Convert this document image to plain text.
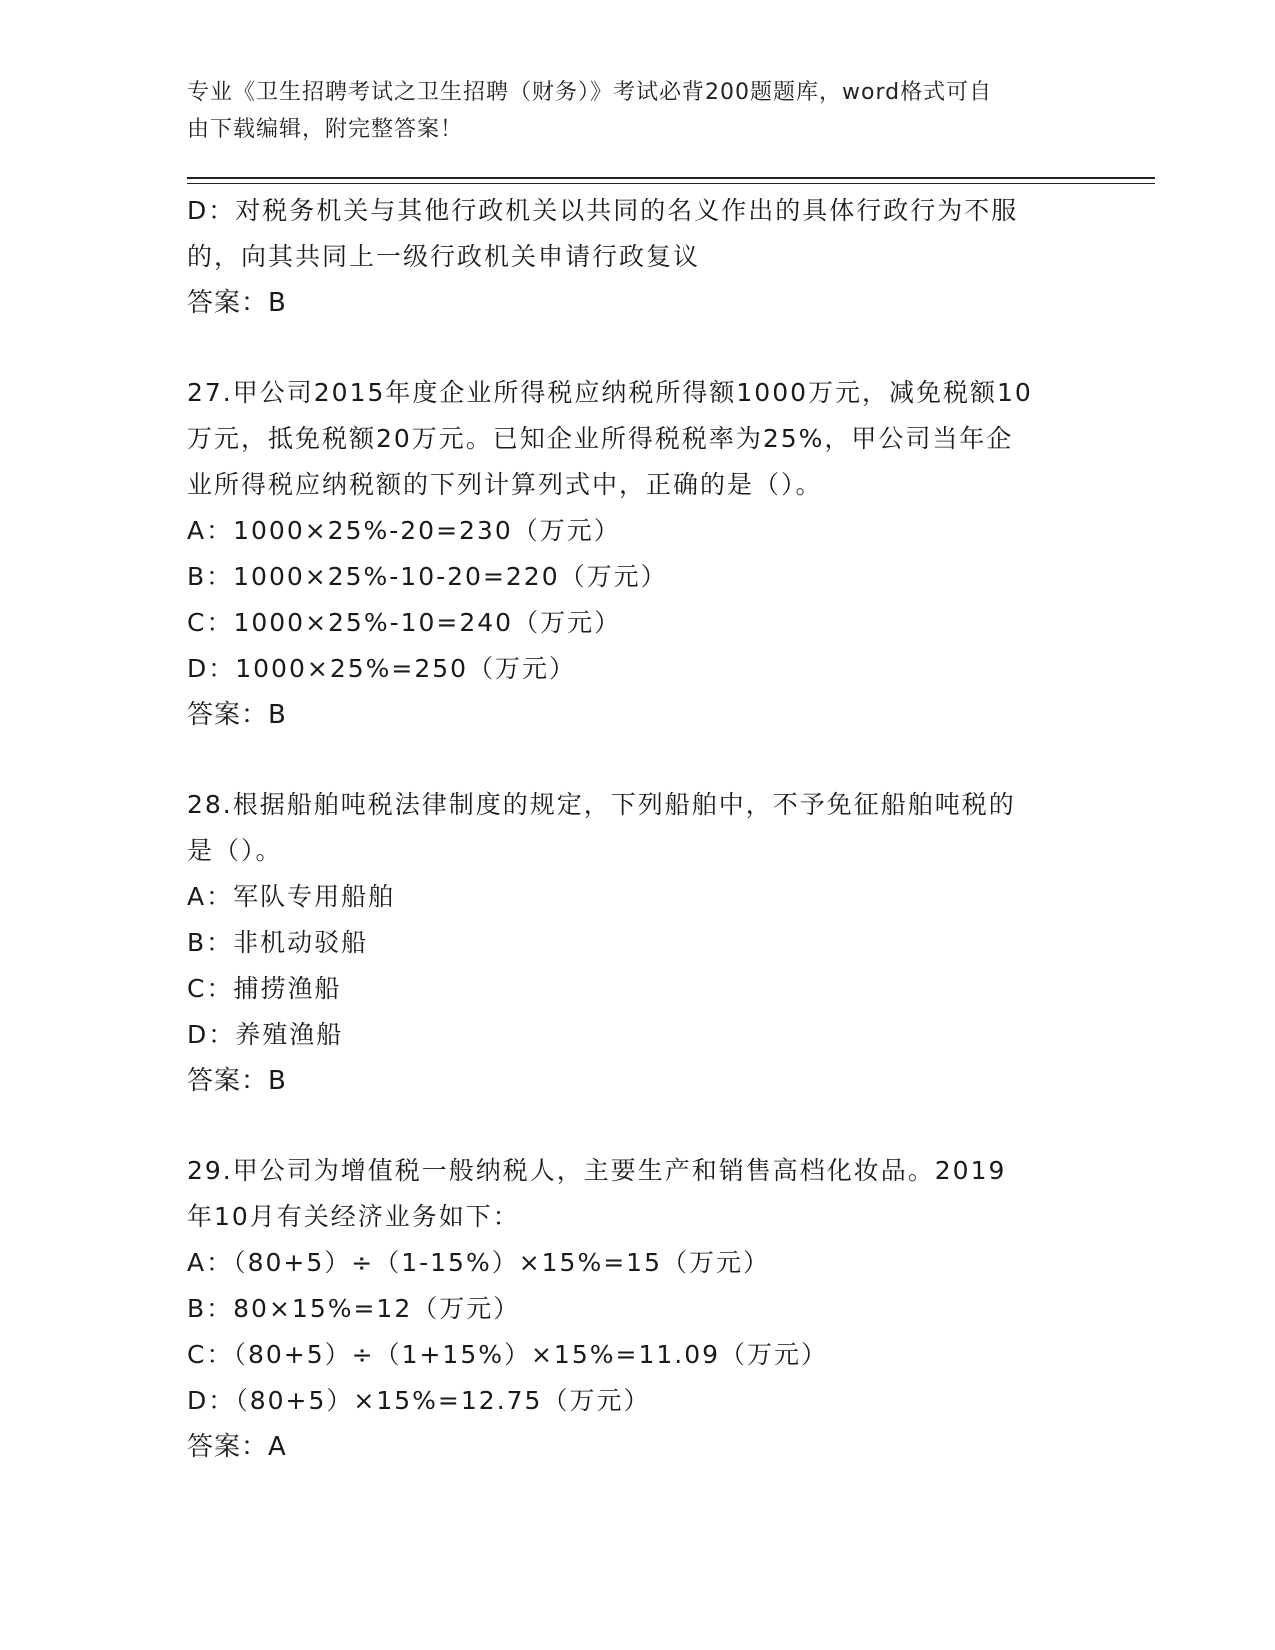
专业《卫生招聘考试之卫生招聘（财务）》考试必背200题题库，word格式可自
由下载编辑，附完整答案！
D：对税务机关与其他行政机关以共同的名义作出的具体行政行为不服
的，向其共同上一级行政机关申请行政复议
答案：B
27.甲公司2015年度企业所得税应纳税所得额1000万元，减免税额10
万元，抵免税额20万元。已知企业所得税税率为25%，甲公司当年企
业所得税应纳税额的下列计算列式中，正确的是（）。
A：1000×25%-20=230（万元）
B：1000×25%-10-20=220（万元）
C：1000×25%-10=240（万元）
D：1000×25%=250（万元）
答案：B
28.根据船舶吨税法律制度的规定，下列船舶中，不予免征船舶吨税的
是（）。
A：军队专用船舶
B：非机动驳船
C：捕捞渔船
D：养殖渔船
答案：B
29.甲公司为增值税一般纳税人，主要生产和销售高档化妆品。2019
年10月有关经济业务如下：
A：（80+5）÷（1-15%）×15%=15（万元）
B：80×15%=12（万元）
C：（80+5）÷（1+15%）×15%=11.09（万元）
D：（80+5）×15%=12.75（万元）
答案：A
